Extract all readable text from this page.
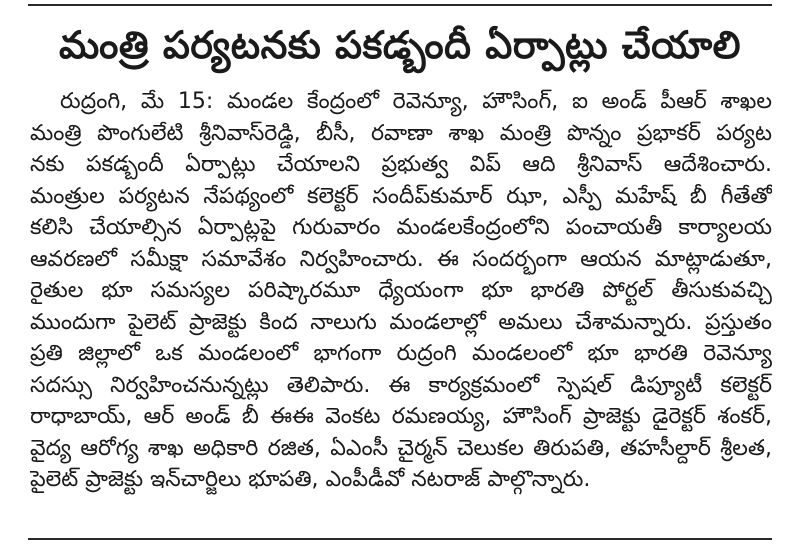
మంత్రి పర్యటనకు పకడ్బందీ ఏర్పాట్లు చేయాలి
రుద్రంగి, మే 15: మండల కేంద్రంలో రెవెన్యూ, హౌసింగ్, ఐ అండ్ పీఆర్ శాఖల
మంత్రి పొంగులేటి శ్రీనివాస్‌రెడ్డి, బీసీ, రవాణా శాఖ మంత్రి పొన్నం ప్రభాకర్ పర్యట
నకు పకడ్బందీ ఏర్పాట్లు చేయాలని ప్రభుత్వ విప్ ఆది శ్రీనివాస్ ఆదేశించారు.
మంత్రుల పర్యటన నేపథ్యంలో కలెక్టర్ సందీప్‌కుమార్ ఝా, ఎస్పీ మహేష్ బీ గీతేతో
కలిసి చేయాల్సిన ఏర్పాట్లపై గురువారం మండలకేంద్రంలోని పంచాయతీ కార్యాలయ
ఆవరణలో సమీక్షా సమావేశం నిర్వహించారు. ఈ సందర్భంగా ఆయన మాట్లాడుతూ,
రైతుల భూ సమస్యల పరిష్కారమూ ధ్యేయంగా భూ భారతి పోర్టల్ తీసుకువచ్చి
ముందుగా పైలెట్ ప్రాజెక్టు కింద నాలుగు మండలాల్లో అమలు చేశామన్నారు. ప్రస్తుతం
ప్రతి జిల్లాలో ఒక మండలంలో భాగంగా రుద్రంగి మండలంలో భూ భారతి రెవెన్యూ
సదస్సు నిర్వహించనున్నట్లు తెలిపారు. ఈ కార్యక్రమంలో స్పెషల్ డిప్యూటీ కలెక్టర్
రాధాబాయ్, ఆర్ అండ్ బీ ఈఈ వెంకట రమణయ్య, హౌసింగ్ ప్రాజెక్టు డైరెక్టర్ శంకర్,
వైద్య ఆరోగ్య శాఖ అధికారి రజిత, ఏఎంసీ చైర్మన్ చెలుకల తిరుపతి, తహసీల్దార్ శ్రీలత,
పైలెట్ ప్రాజెక్టు ఇన్‌చార్జిలు భూపతి, ఎంపీడీవో నటరాజ్ పాల్గొన్నారు.
